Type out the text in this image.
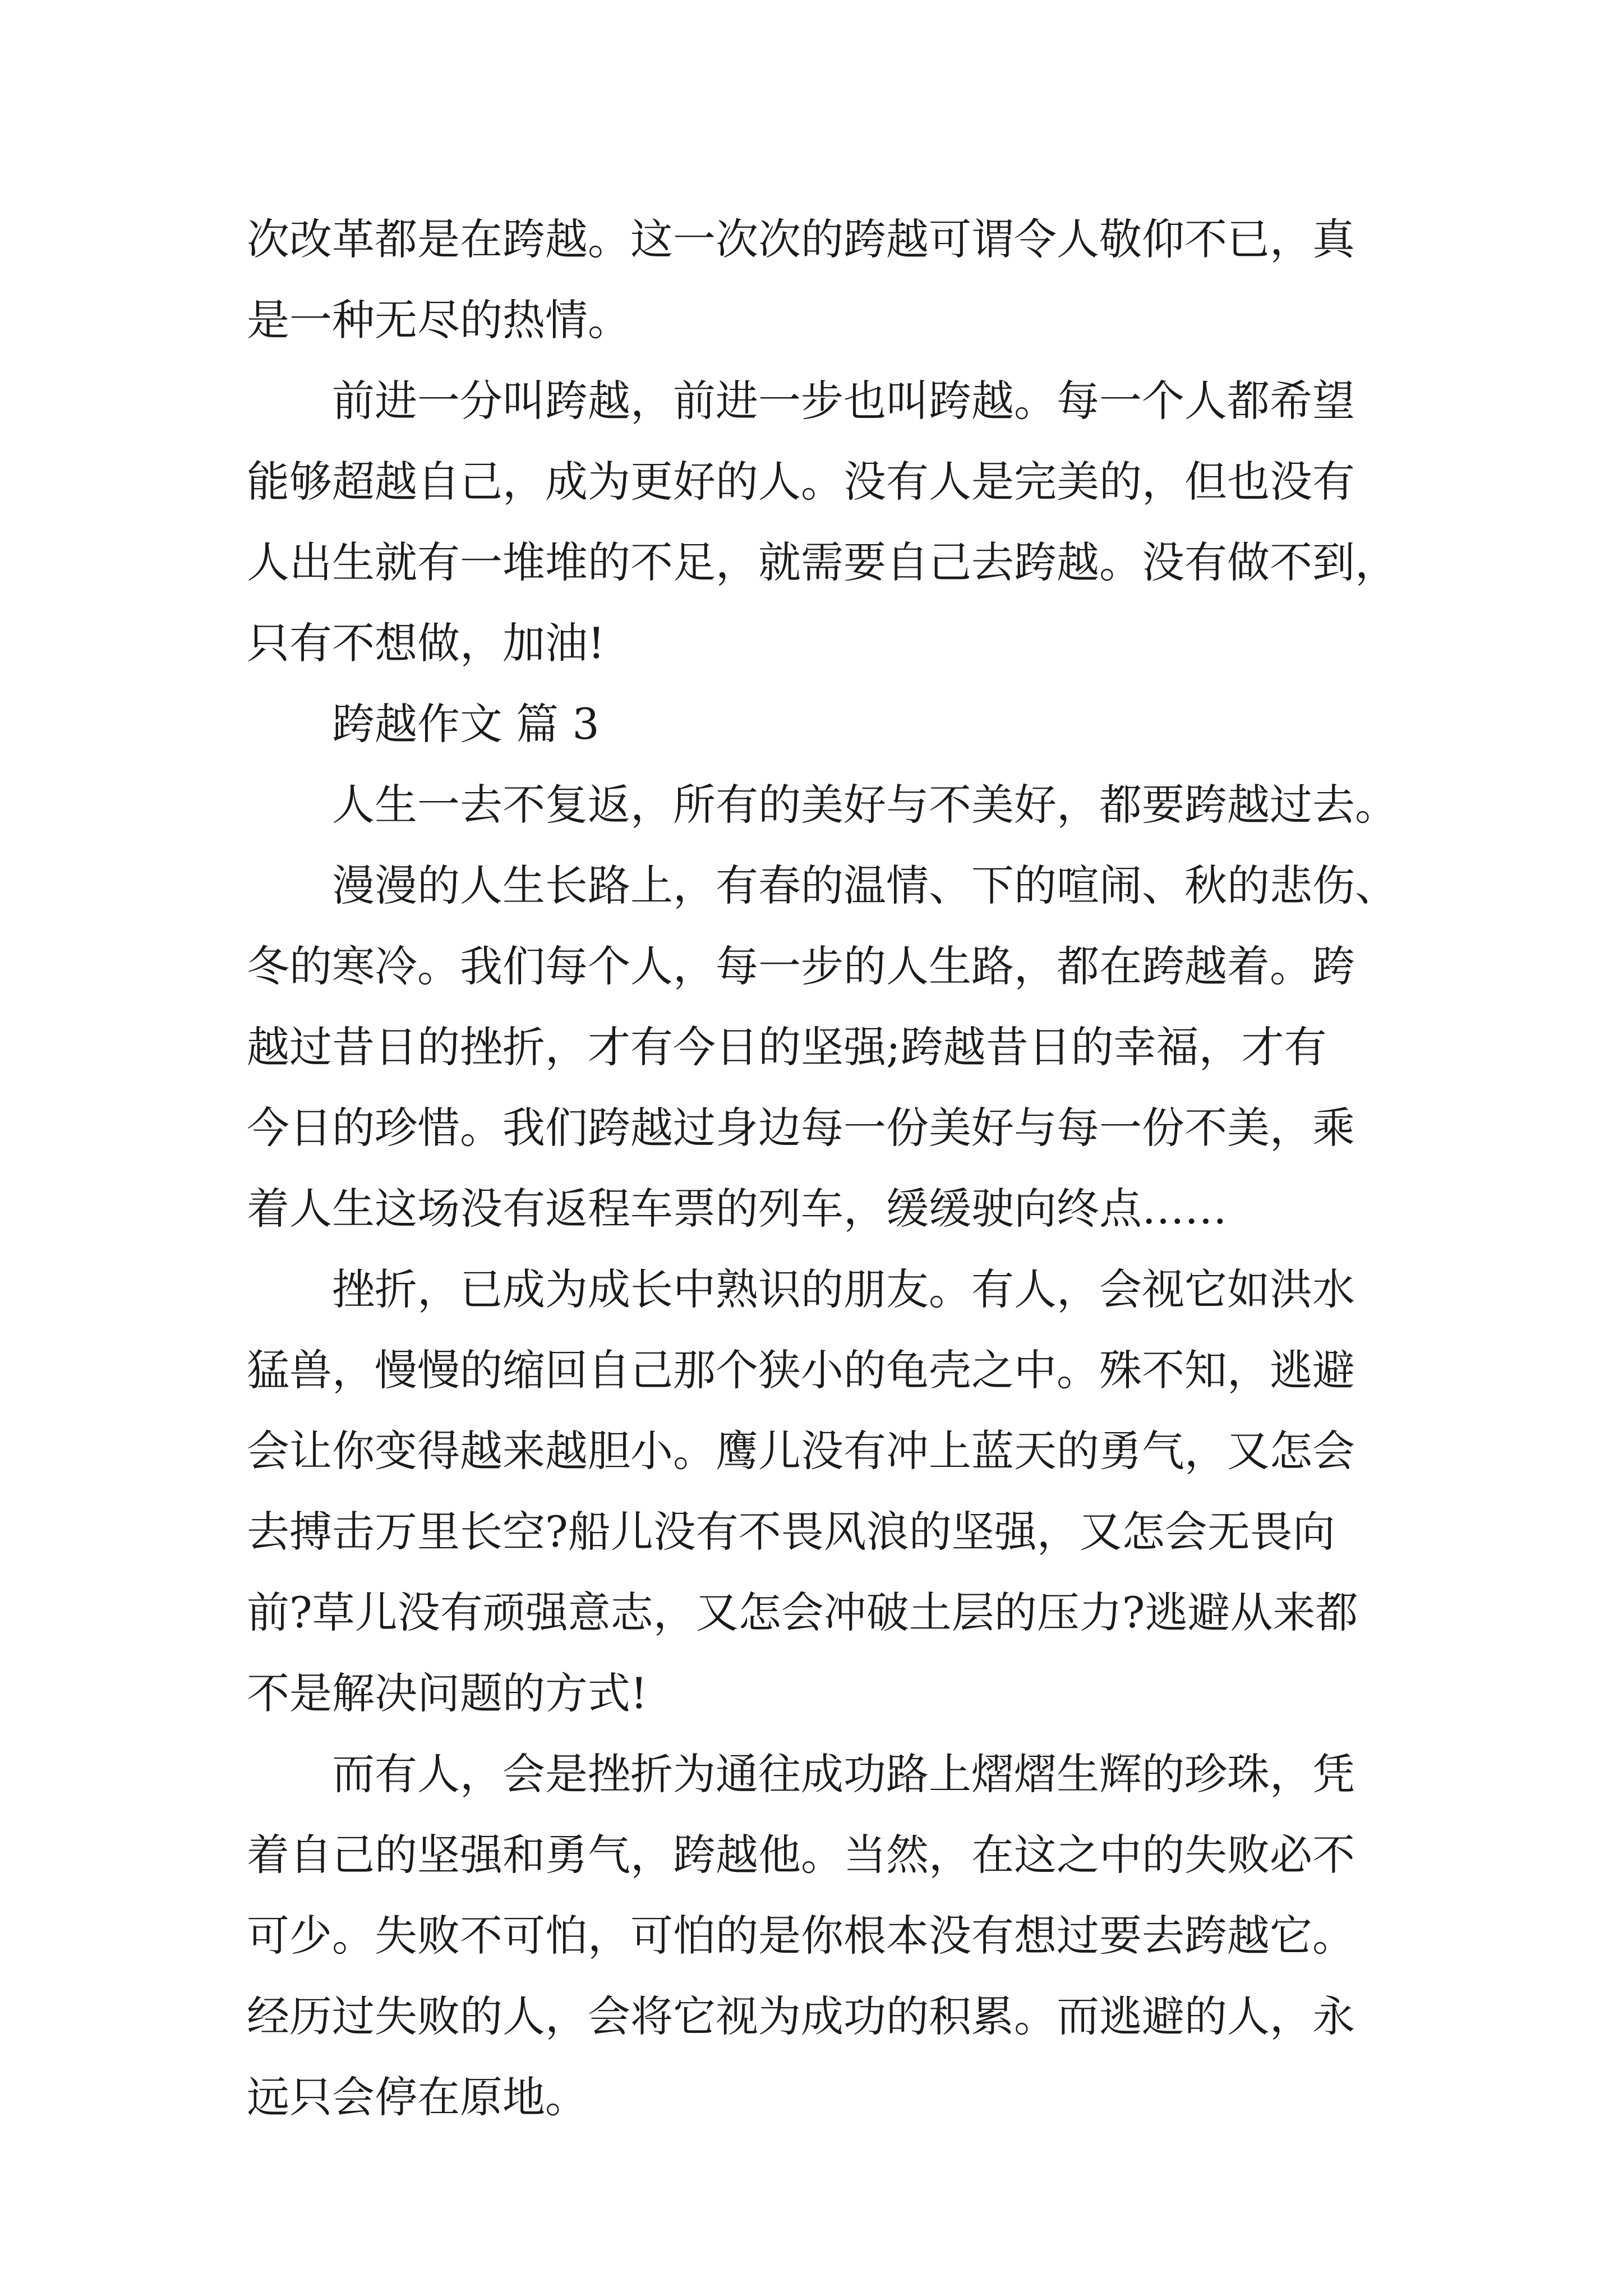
次改革都是在跨越。这一次次的跨越可谓令人敬仰不已，真
是一种无尽的热情。
前进一分叫跨越，前进一步也叫跨越。每一个人都希望
能够超越自己，成为更好的人。没有人是完美的，但也没有
人出生就有一堆堆的不足，就需要自己去跨越。没有做不到，
只有不想做，加油!
跨越作文 篇 3
人生一去不复返，所有的美好与不美好，都要跨越过去。
漫漫的人生长路上，有春的温情、下的喧闹、秋的悲伤、
冬的寒冷。我们每个人，每一步的人生路，都在跨越着。跨
越过昔日的挫折，才有今日的坚强;跨越昔日的幸福，才有
今日的珍惜。我们跨越过身边每一份美好与每一份不美，乘
着人生这场没有返程车票的列车，缓缓驶向终点……
挫折，已成为成长中熟识的朋友。有人，会视它如洪水
猛兽，慢慢的缩回自己那个狭小的龟壳之中。殊不知，逃避
会让你变得越来越胆小。鹰儿没有冲上蓝天的勇气，又怎会
去搏击万里长空?船儿没有不畏风浪的坚强，又怎会无畏向
前?草儿没有顽强意志，又怎会冲破土层的压力?逃避从来都
不是解决问题的方式!
而有人，会是挫折为通往成功路上熠熠生辉的珍珠，凭
着自己的坚强和勇气，跨越他。当然，在这之中的失败必不
可少。失败不可怕，可怕的是你根本没有想过要去跨越它。
经历过失败的人，会将它视为成功的积累。而逃避的人，永
远只会停在原地。
